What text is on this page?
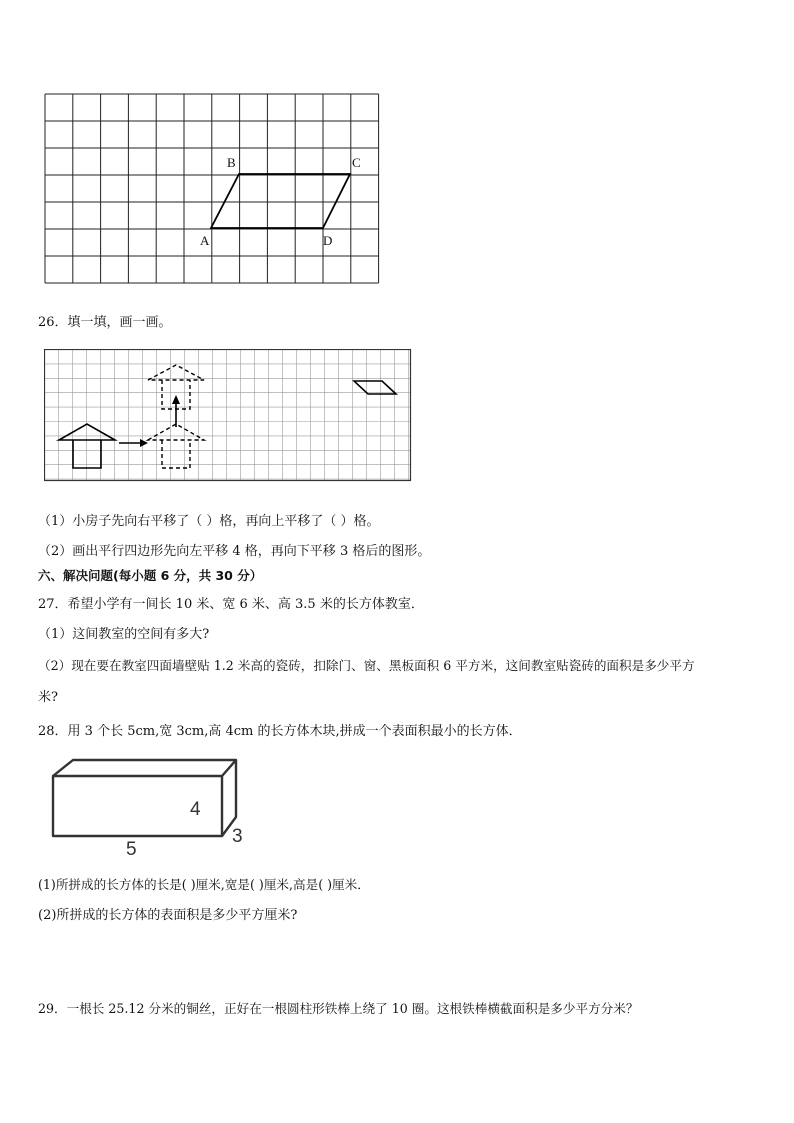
B	C
A	D
26．填一填，画一画。
（1）小房子先向右平移了（ ）格，再向上平移了（ ）格。
（2）画出平行四边形先向左平移 4 格，再向下平移 3 格后的图形。
六、解决问题(每小题 6 分，共 30 分）
27．希望小学有一间长 10 米、宽 6 米、高 3.5 米的长方体教室．
（1）这间教室的空间有多大?
（2）现在要在教室四面墙壁贴 1.2 米高的瓷砖，扣除门、窗、黑板面积 6 平方米，这间教室贴瓷砖的面积是多少平方
米?
28．用 3 个长 5cm,宽 3cm,高 4cm 的长方体木块,拼成一个表面积最小的长方体．
4
3
5
(1)所拼成的长方体的长是( )厘米,宽是( )厘米,高是( )厘米．
(2)所拼成的长方体的表面积是多少平方厘米?
29．一根长 25.12 分米的铜丝，正好在一根圆柱形铁棒上绕了 10 圈。这根铁棒横截面积是多少平方分米？
